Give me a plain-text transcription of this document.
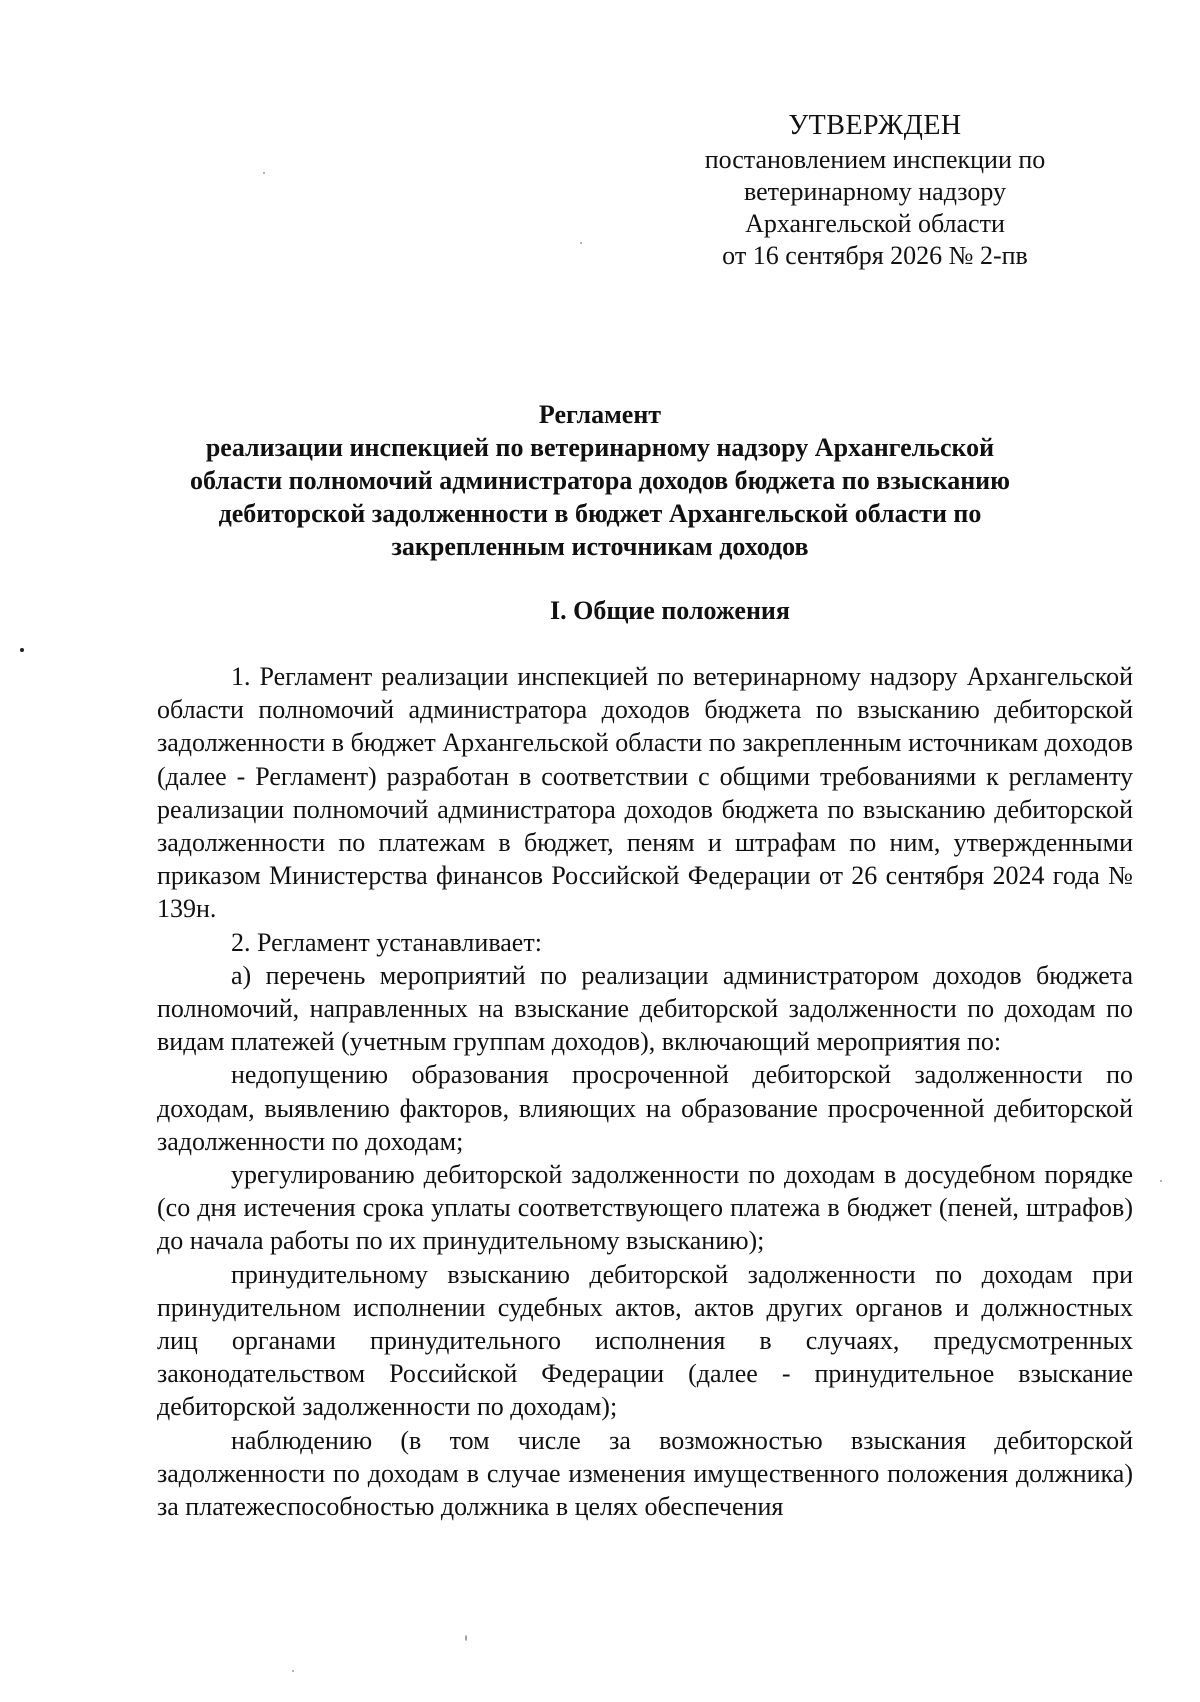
УТВЕРЖДЕН
постановлением инспекции по
ветеринарному надзору
Архангельской области
от 16 сентября 2026 № 2-пв
Регламент
реализации инспекцией по ветеринарному надзору Архангельской
области полномочий администратора доходов бюджета по взысканию
дебиторской задолженности в бюджет Архангельской области по
закрепленным источникам доходов
I. Общие положения

1. Регламент реализации инспекцией по ветеринарному надзору Архангельской области полномочий администратора доходов бюджета по взысканию дебиторской задолженности в бюджет Архангельской области по закрепленным источникам доходов (далее - Регламент) разработан в соответствии с общими требованиями к регламенту реализации полномочий администратора доходов бюджета по взысканию дебиторской задолженности по платежам в бюджет, пеням и штрафам по ним, утвержденными приказом Министерства финансов Российской Федерации от 26 сентября 2024 года № 139н.

2. Регламент устанавливает:

а) перечень мероприятий по реализации администратором доходов бюджета полномочий, направленных на взыскание дебиторской задолженности по доходам по видам платежей (учетным группам доходов), включающий мероприятия по:

недопущению образования просроченной дебиторской задолженности по доходам, выявлению факторов, влияющих на образование просроченной дебиторской задолженности по доходам;

урегулированию дебиторской задолженности по доходам в досудебном порядке (со дня истечения срока уплаты соответствующего платежа в бюджет (пеней, штрафов) до начала работы по их принудительному взысканию);

принудительному взысканию дебиторской задолженности по доходам при принудительном исполнении судебных актов, актов других органов и должностных лиц органами принудительного исполнения в случаях, предусмотренных законодательством Российской Федерации (далее - принудительное взыскание дебиторской задолженности по доходам);

наблюдению (в том числе за возможностью взыскания дебиторской задолженности по доходам в случае изменения имущественного положения должника) за платежеспособностью должника в целях обеспечения
